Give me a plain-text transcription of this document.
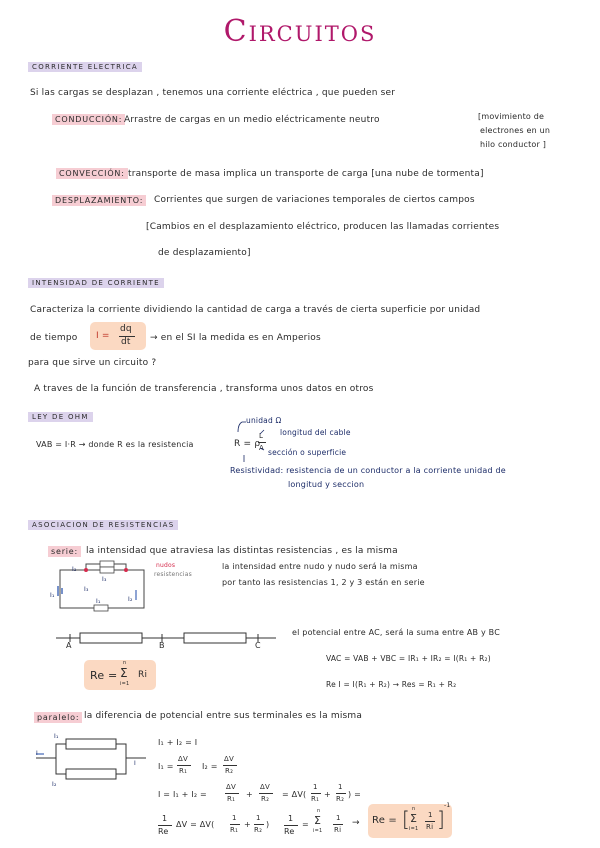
Circuitos
CORRIENTE ELECTRICA
Si las cargas se desplazan , tenemos una corriente eléctrica , que pueden ser
CONDUCCIÓN: Arrastre de cargas en un medio eléctricamente neutro	[movimiento de
electrones en un
hilo conductor ]
CONVECCIÓN: transporte de masa implica un transporte de carga [una nube de tormenta]
DESPLAZAMIENTO:	Corrientes que surgen de variaciones temporales de ciertos campos
[Cambios en el desplazamiento eléctrico, producen las llamadas corrientes
de desplazamiento]
INTENSIDAD DE CORRIENTE
Caracteriza la corriente dividiendo la cantidad de carga a través de cierta superficie por unidad
de tiempo I =
dq
dt → en el SI la medida es en Amperios
para que sirve un circuito ?
A traves de la función de transferencia , transforma unos datos en otros
LEY DE OHM
VAB = I·R → donde R es la resistencia	R = ρ
L
A
unidad Ω
longitud del cable
sección o superficie
Resistividad: resistencia de un conductor a la corriente unidad de
longitud y seccion
ASOCIACION DE RESISTENCIAS
serie: la intensidad que atraviesa las distintas resistencias , es la misma
nudos
resistencias
la intensidad entre nudo y nudo será la misma
por tanto las resistencias 1, 2 y 3 están en serie
I₂
I₃
I₁
I₁	I₂
I₃
A	B	C
el potencial entre AC, será la suma entre AB y BC
VAC = VAB + VBC = IR₁ + IR₂ = I(R₁ + R₂)
Re I = I(R₁ + R₂) → Res = R₁ + R₂
Re =
n
Σ
i=1
Ri
paralelo: la diferencia de potencial entre sus terminales es la misma
I₁
I
I
I₂
I₁ + I₂ = I
I₁ =
ΔV
R₁ I₂ =
ΔV
R₂
I = I₁ + I₂ =
ΔV
R₁ +
ΔV
R₂ = ΔV(
1
R₁ +
1
R₂ ) =
1
Re
ΔV = ΔV(
1
R₁
+
1
R₂
)
1
Re
=
n
Σ
i=1
1
Ri
→ Re = [ n
Σ
i=1
1
Ri ]
-1
